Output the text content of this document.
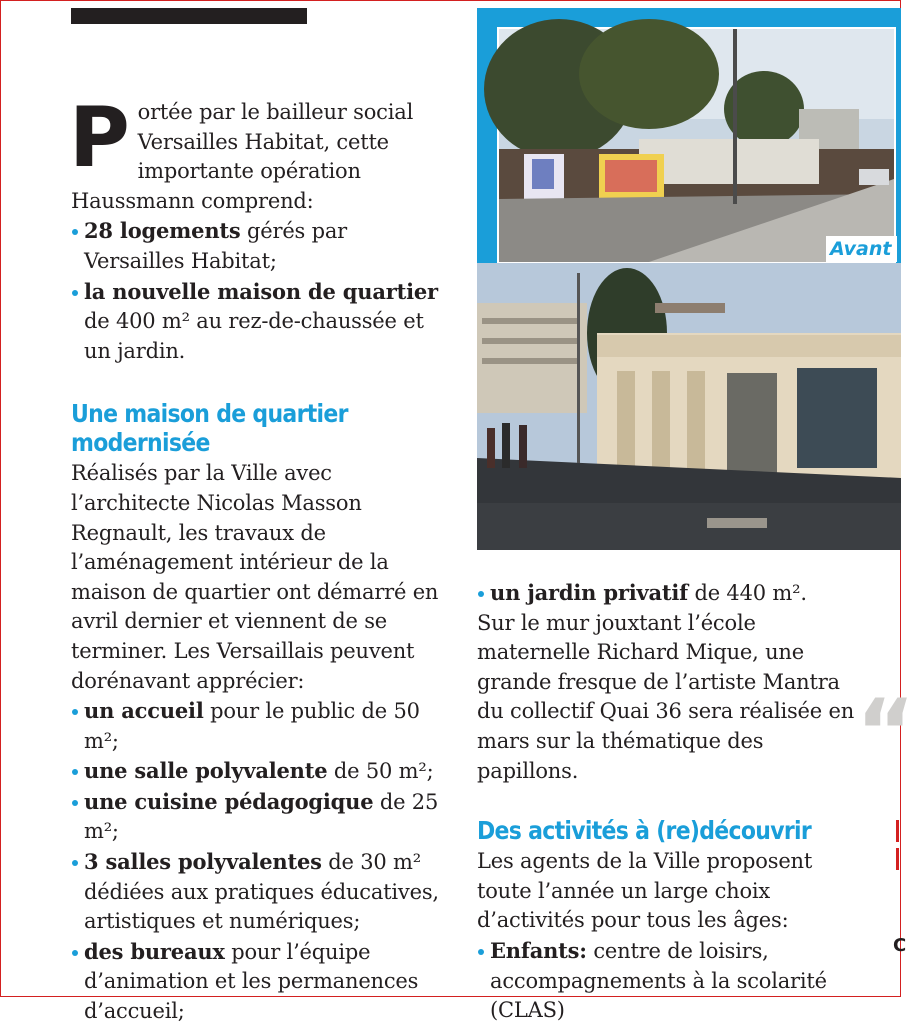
Portée par le bailleur social Versailles Habitat, cette importante opération Haussmann comprend:

28 logements gérés par Versailles Habitat;

la nouvelle maison de quartier de 400 m² au rez-de-chaussée et un jardin.

Une maison de quartier modernisée

Réalisés par la Ville avec l’architecte Nicolas Masson Regnault, les travaux de l’aménagement intérieur de la maison de quartier ont démarré en avril dernier et viennent de se terminer. Les Versaillais peuvent dorénavant apprécier:

un accueil pour le public de 50 m²;

une salle polyvalente de 50 m²;

une cuisine pédagogique de 25 m²;

3 salles polyvalentes de 30 m² dédiées aux pratiques éducatives, artistiques et numériques;

des bureaux pour l’équipe d’animation et les permanences d’accueil;

Avant

un jardin privatif de 440 m².

Sur le mur jouxtant l’école maternelle Richard Mique, une grande fresque de l’artiste Mantra du collectif Quai 36 sera réalisée en mars sur la thématique des papillons.

Des activités à (re)découvrir

Les agents de la Ville proposent toute l’année un large choix d’activités pour tous les âges:

Enfants: centre de loisirs, accompagnements à la scolarité (CLAS)

“
C
